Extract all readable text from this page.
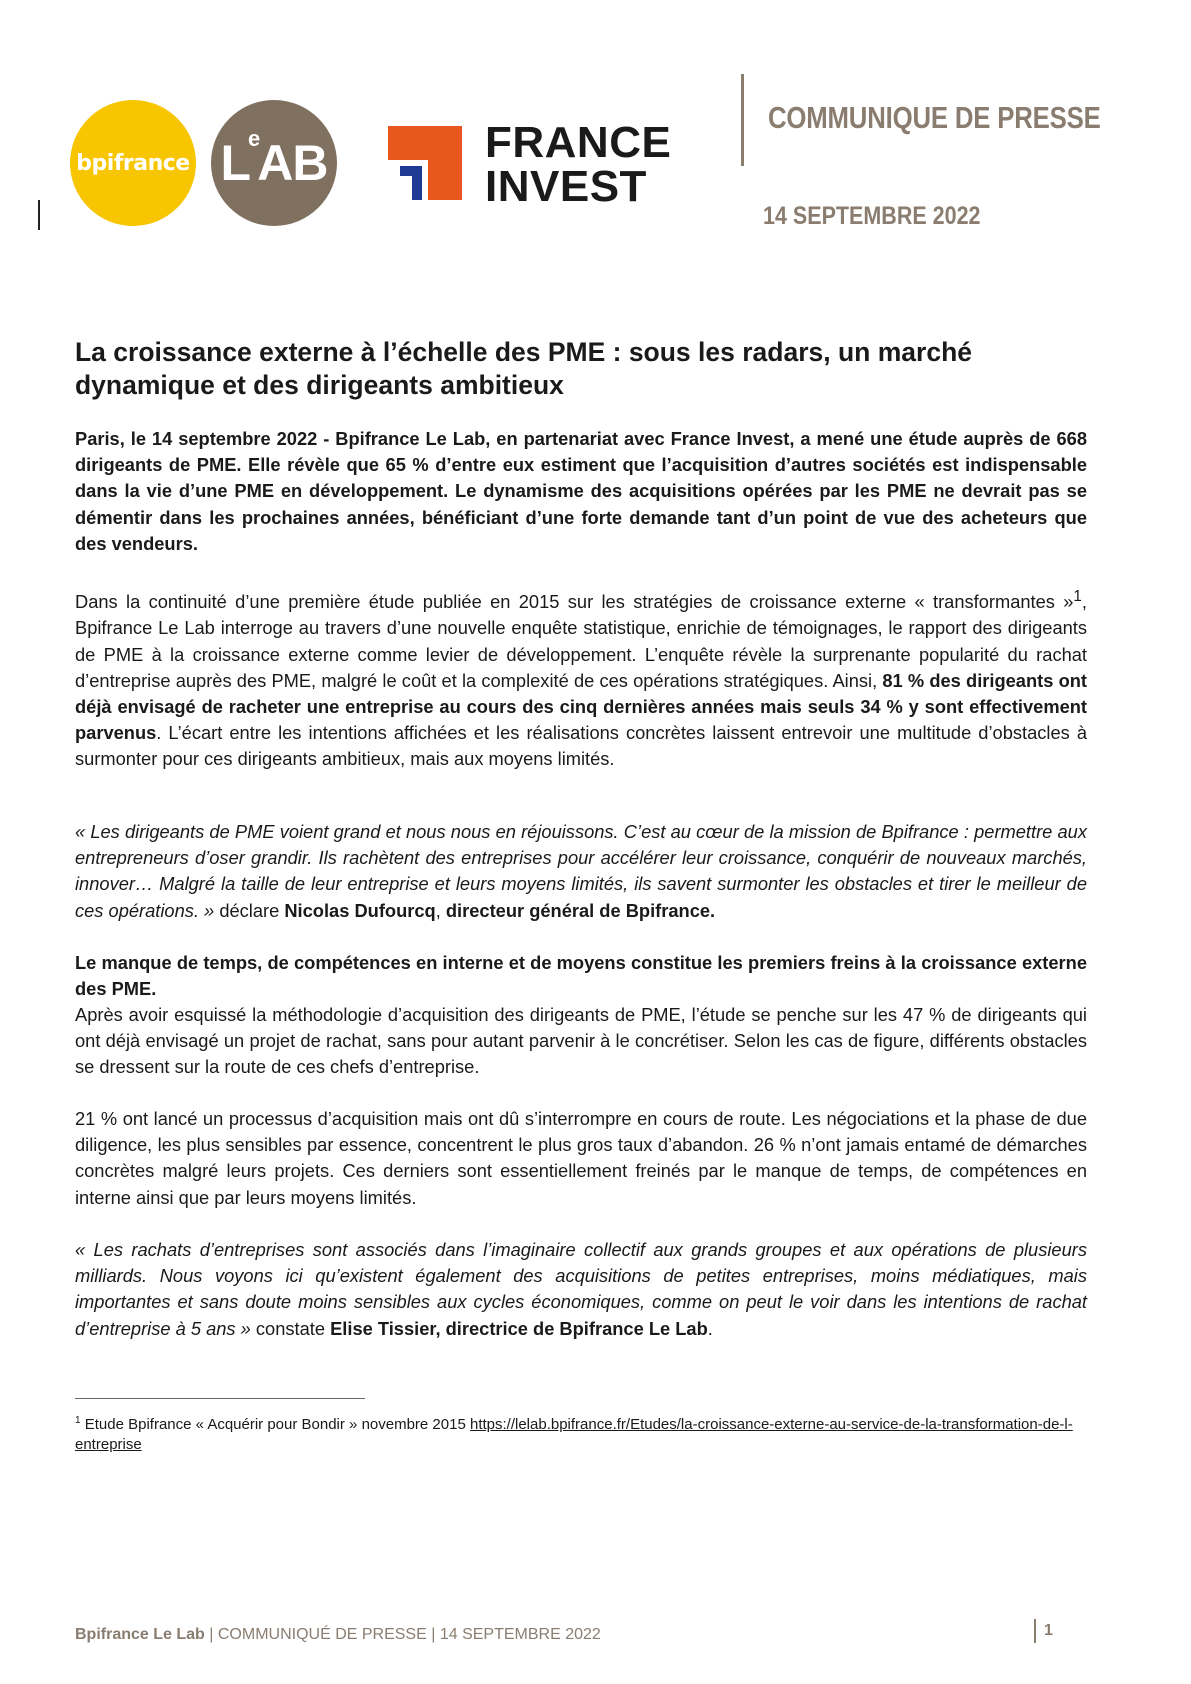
bpifrance LeAB	FRANCE
INVEST
COMMUNIQUE DE PRESSE
14 SEPTEMBRE 2022
La croissance externe à l’échelle des PME : sous les radars, un marché dynamique et des dirigeants ambitieux

Paris, le 14 septembre 2022 - Bpifrance Le Lab, en partenariat avec France Invest, a mené une étude auprès de 668 dirigeants de PME. Elle révèle que 65 % d’entre eux estiment que l’acquisition d’autres sociétés est indispensable dans la vie d’une PME en développement. Le dynamisme des acquisitions opérées par les PME ne devrait pas se démentir dans les prochaines années, bénéficiant d’une forte demande tant d’un point de vue des acheteurs que des vendeurs.

Dans la continuité d’une première étude publiée en 2015 sur les stratégies de croissance externe « transformantes »$^1$, Bpifrance Le Lab interroge au travers d’une nouvelle enquête statistique, enrichie de témoignages, le rapport des dirigeants de PME à la croissance externe comme levier de développement. L’enquête révèle la surprenante popularité du rachat d’entreprise auprès des PME, malgré le coût et la complexité de ces opérations stratégiques. Ainsi, 81 % des dirigeants ont déjà envisagé de racheter une entreprise au cours des cinq dernières années mais seuls 34 % y sont effectivement parvenus. L’écart entre les intentions affichées et les réalisations concrètes laissent entrevoir une multitude d’obstacles à surmonter pour ces dirigeants ambitieux, mais aux moyens limités.

« Les dirigeants de PME voient grand et nous nous en réjouissons. C’est au cœur de la mission de Bpifrance : permettre aux entrepreneurs d’oser grandir. Ils rachètent des entreprises pour accélérer leur croissance, conquérir de nouveaux marchés, innover… Malgré la taille de leur entreprise et leurs moyens limités, ils savent surmonter les obstacles et tirer le meilleur de ces opérations. » déclare Nicolas Dufourcq, directeur général de Bpifrance.

Le manque de temps, de compétences en interne et de moyens constitue les premiers freins à la croissance externe des PME.

Après avoir esquissé la méthodologie d’acquisition des dirigeants de PME, l’étude se penche sur les 47 % de dirigeants qui ont déjà envisagé un projet de rachat, sans pour autant parvenir à le concrétiser. Selon les cas de figure, différents obstacles se dressent sur la route de ces chefs d’entreprise.

21 % ont lancé un processus d’acquisition mais ont dû s’interrompre en cours de route. Les négociations et la phase de due diligence, les plus sensibles par essence, concentrent le plus gros taux d’abandon. 26 % n’ont jamais entamé de démarches concrètes malgré leurs projets. Ces derniers sont essentiellement freinés par le manque de temps, de compétences en interne ainsi que par leurs moyens limités.

« Les rachats d’entreprises sont associés dans l’imaginaire collectif aux grands groupes et aux opérations de plusieurs milliards. Nous voyons ici qu’existent également des acquisitions de petites entreprises, moins médiatiques, mais importantes et sans doute moins sensibles aux cycles économiques, comme on peut le voir dans les intentions de rachat d’entreprise à 5 ans » constate Elise Tissier, directrice de Bpifrance Le Lab.

$^1$ Etude Bpifrance « Acquérir pour Bondir » novembre 2015 https://lelab.bpifrance.fr/Etudes/la-croissance-externe-au-service-de-la-transformation-de-l-entreprise
Bpifrance Le Lab | COMMUNIQUÉ DE PRESSE | 14 SEPTEMBRE 2022	1
